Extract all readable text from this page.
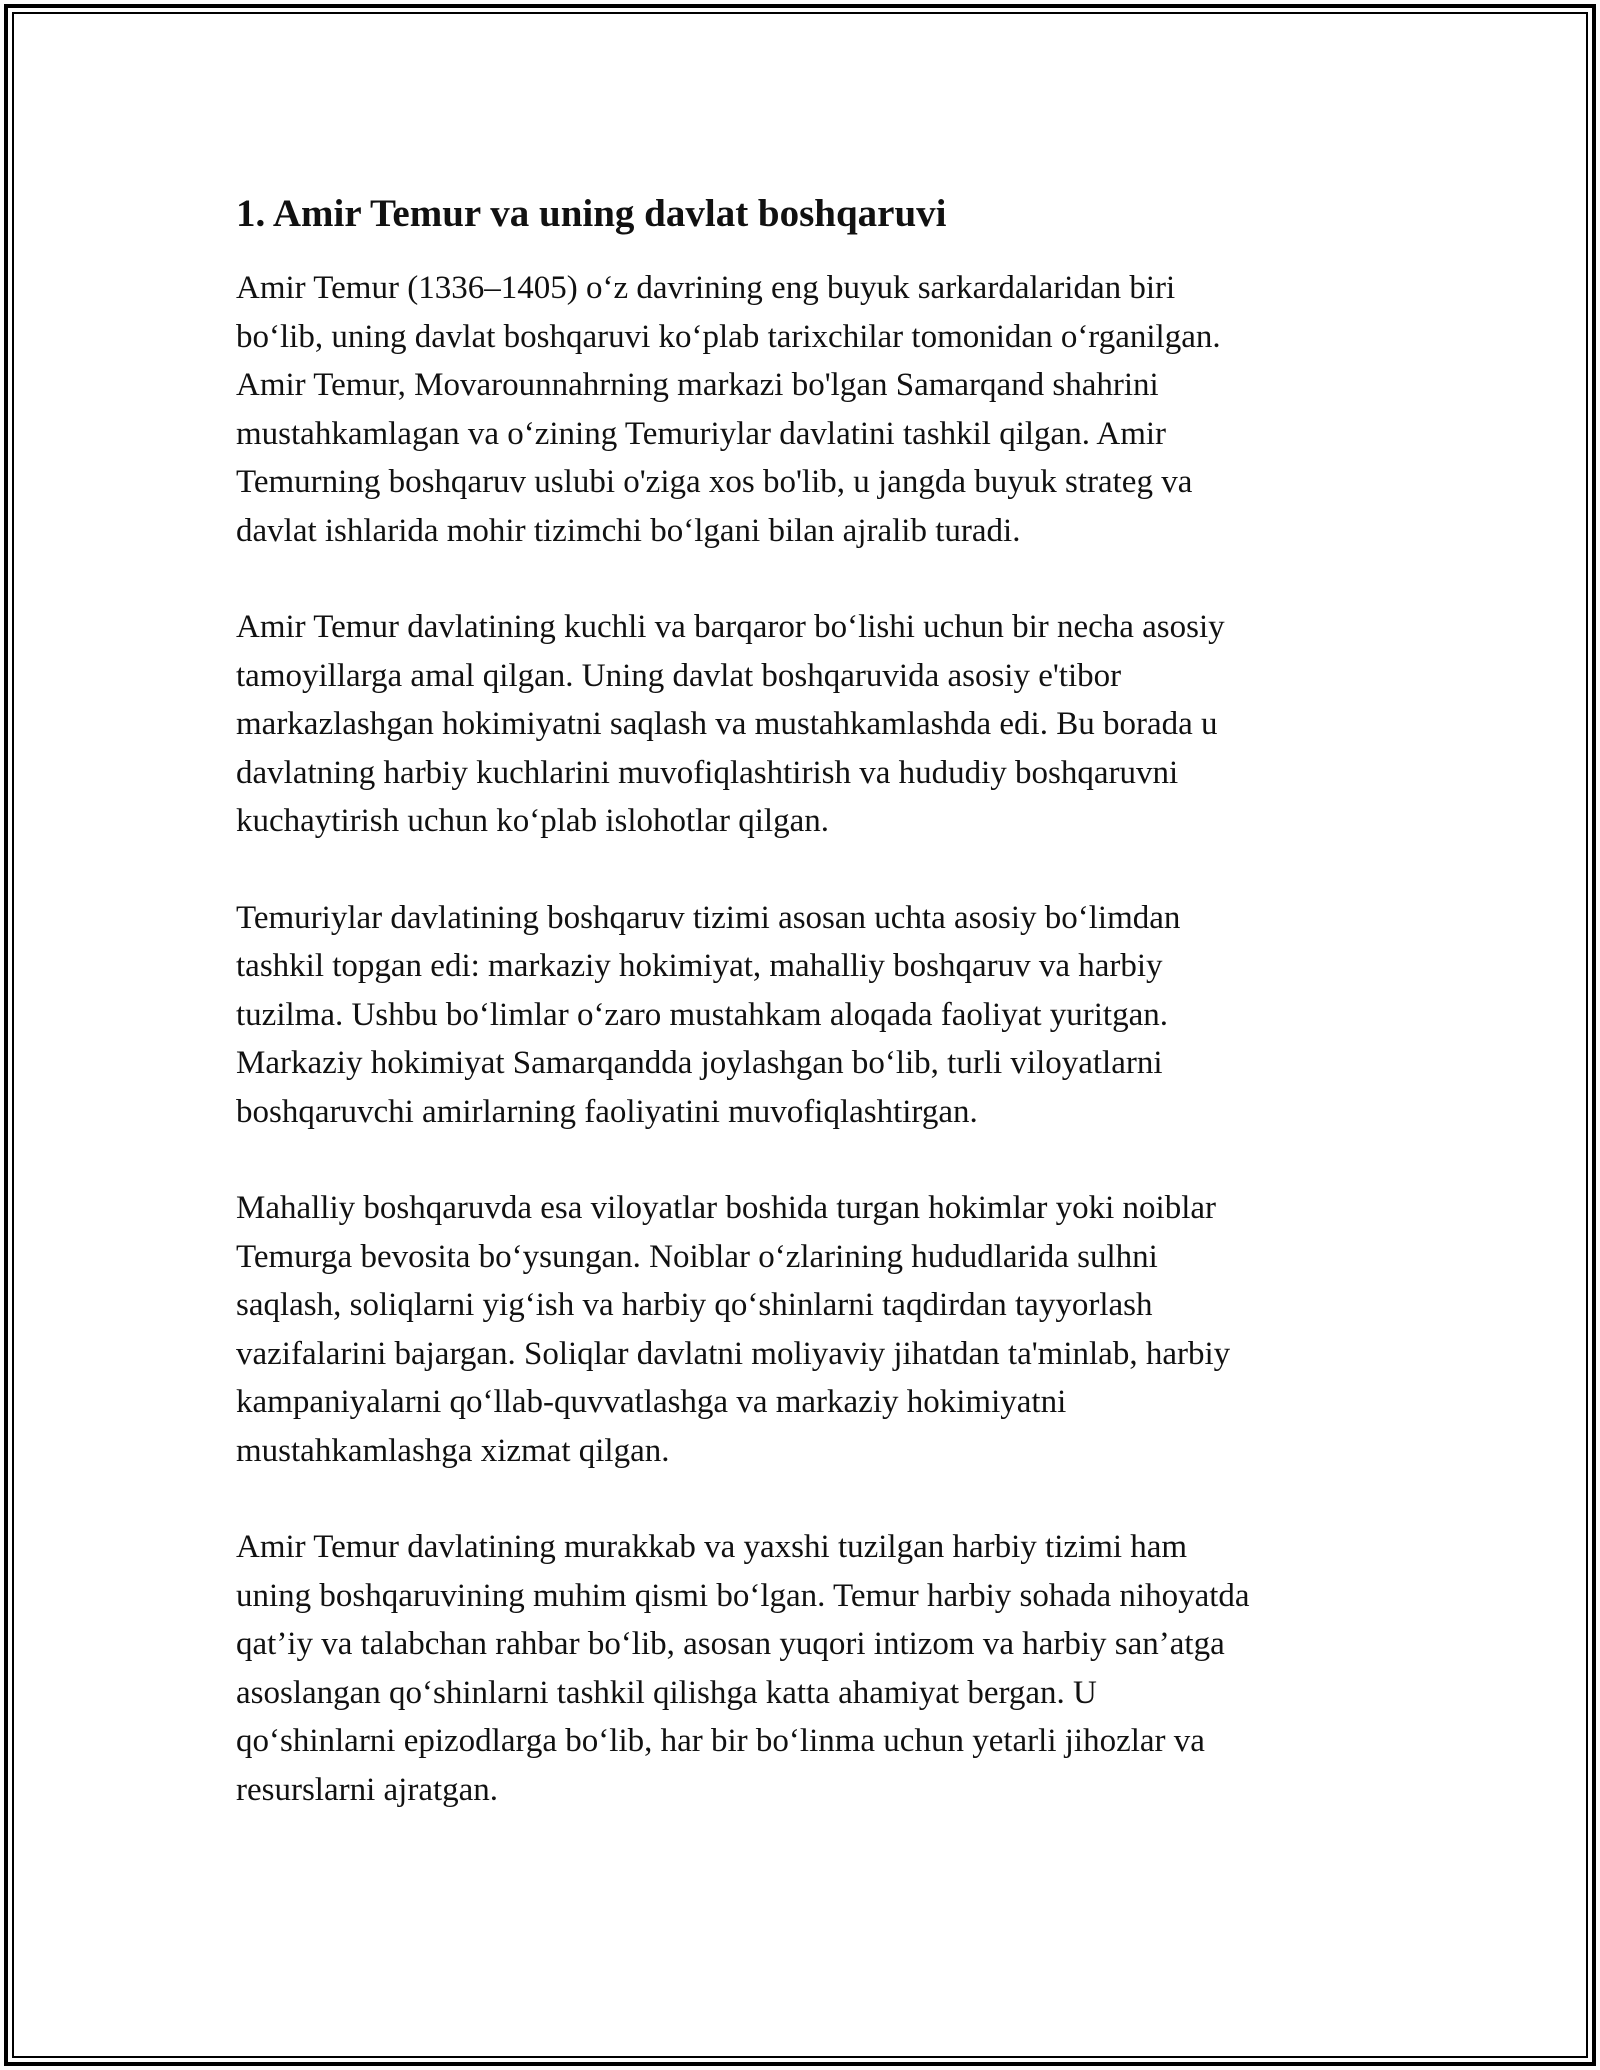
1. Amir Temur va uning davlat boshqaruvi

Amir Temur (1336–1405) o‘z davrining eng buyuk sarkardalaridan biri
bo‘lib, uning davlat boshqaruvi ko‘plab tarixchilar tomonidan o‘rganilgan.
Amir Temur, Movarounnahrning markazi bo'lgan Samarqand shahrini
mustahkamlagan va o‘zining Temuriylar davlatini tashkil qilgan. Amir
Temurning boshqaruv uslubi o'ziga xos bo'lib, u jangda buyuk strateg va
davlat ishlarida mohir tizimchi bo‘lgani bilan ajralib turadi.

Amir Temur davlatining kuchli va barqaror bo‘lishi uchun bir necha asosiy
tamoyillarga amal qilgan. Uning davlat boshqaruvida asosiy e'tibor
markazlashgan hokimiyatni saqlash va mustahkamlashda edi. Bu borada u
davlatning harbiy kuchlarini muvofiqlashtirish va hududiy boshqaruvni
kuchaytirish uchun ko‘plab islohotlar qilgan.

Temuriylar davlatining boshqaruv tizimi asosan uchta asosiy bo‘limdan
tashkil topgan edi: markaziy hokimiyat, mahalliy boshqaruv va harbiy
tuzilma. Ushbu bo‘limlar o‘zaro mustahkam aloqada faoliyat yuritgan.
Markaziy hokimiyat Samarqandda joylashgan bo‘lib, turli viloyatlarni
boshqaruvchi amirlarning faoliyatini muvofiqlashtirgan.

Mahalliy boshqaruvda esa viloyatlar boshida turgan hokimlar yoki noiblar
Temurga bevosita bo‘ysungan. Noiblar o‘zlarining hududlarida sulhni
saqlash, soliqlarni yig‘ish va harbiy qo‘shinlarni taqdirdan tayyorlash
vazifalarini bajargan. Soliqlar davlatni moliyaviy jihatdan ta'minlab, harbiy
kampaniyalarni qo‘llab-quvvatlashga va markaziy hokimiyatni
mustahkamlashga xizmat qilgan.

Amir Temur davlatining murakkab va yaxshi tuzilgan harbiy tizimi ham
uning boshqaruvining muhim qismi bo‘lgan. Temur harbiy sohada nihoyatda
qat’iy va talabchan rahbar bo‘lib, asosan yuqori intizom va harbiy san’atga
asoslangan qo‘shinlarni tashkil qilishga katta ahamiyat bergan. U
qo‘shinlarni epizodlarga bo‘lib, har bir bo‘linma uchun yetarli jihozlar va
resurslarni ajratgan.
